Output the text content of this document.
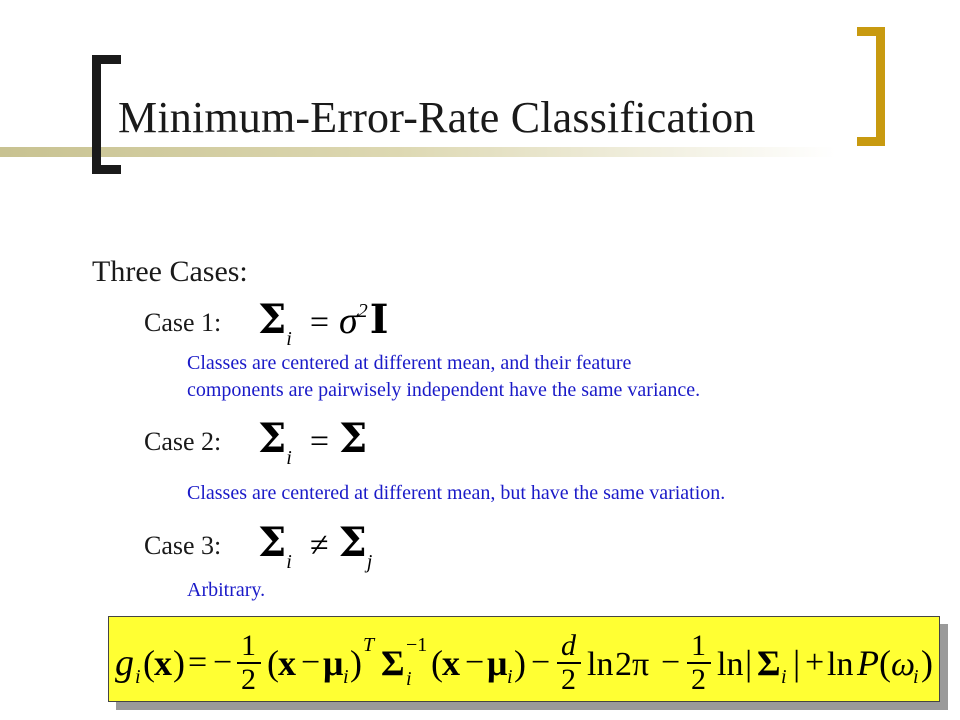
Minimum-Error-Rate Classification
Three Cases:
Case 1: Σi = σ2I
Classes are centered at different mean, and their feature
components are pairwisely independent have the same variance.
Case 2: Σi = Σ
Classes are centered at different mean, but have the same variation.
Case 3: Σi ≠ Σj
Arbitrary.
g i ( x ) = − 1
2 ( x − μ i ) T Σ −1
i ( x − μ i ) − d
2 ln 2π − 1
2 ln | Σ i | + ln P ( ω
i )
